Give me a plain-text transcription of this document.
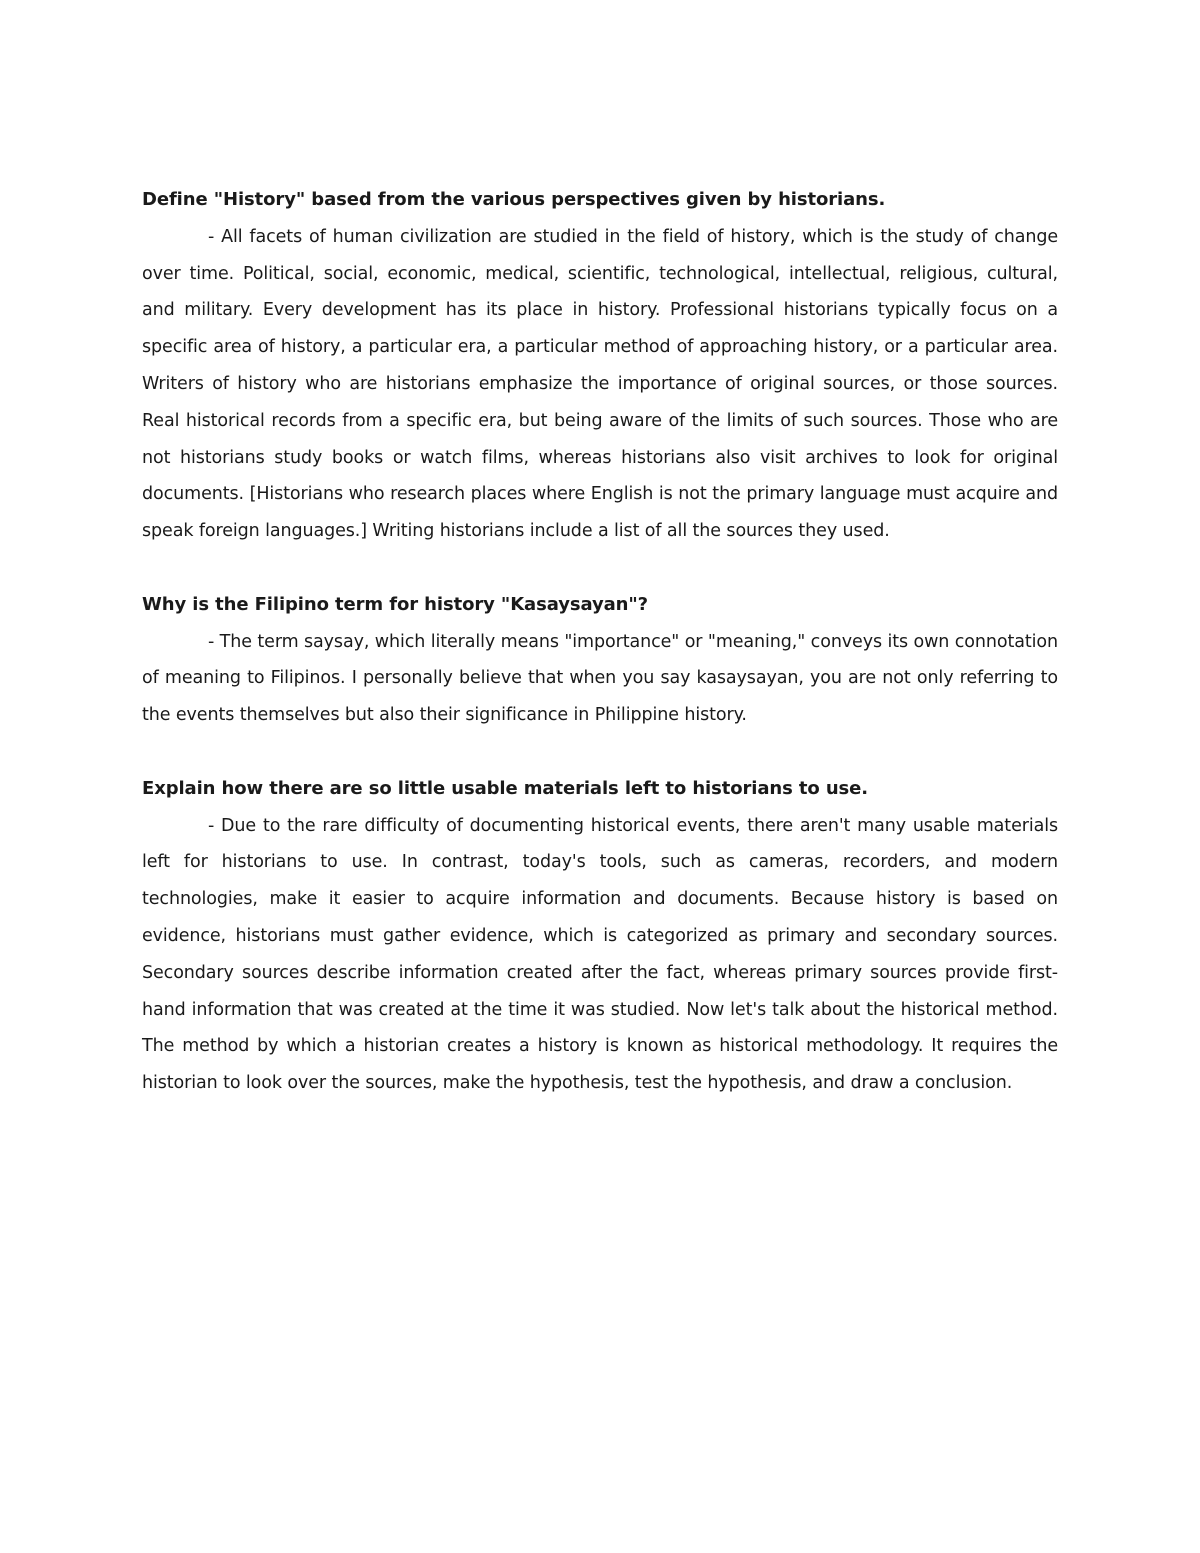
Define "History" based from the various perspectives given by historians.

- All facets of human civilization are studied in the field of history, which is the study of change over time. Political, social, economic, medical, scientific, technological, intellectual, religious, cultural, and military. Every development has its place in history. Professional historians typically focus on a specific area of history, a particular era, a particular method of approaching history, or a particular area. Writers of history who are historians emphasize the importance of original sources, or those sources. Real historical records from a specific era, but being aware of the limits of such sources. Those who are not historians study books or watch films, whereas historians also visit archives to look for original documents. [Historians who research places where English is not the primary language must acquire and speak foreign languages.] Writing historians include a list of all the sources they used.

Why is the Filipino term for history "Kasaysayan"?

- The term saysay, which literally means "importance" or "meaning," conveys its own connotation of meaning to Filipinos. I personally believe that when you say kasaysayan, you are not only referring to the events themselves but also their significance in Philippine history.

Explain how there are so little usable materials left to historians to use.

- Due to the rare difficulty of documenting historical events, there aren't many usable materials left for historians to use. In contrast, today's tools, such as cameras, recorders, and modern technologies, make it easier to acquire information and documents. Because history is based on evidence, historians must gather evidence, which is categorized as primary and secondary sources. Secondary sources describe information created after the fact, whereas primary sources provide first-hand information that was created at the time it was studied. Now let's talk about the historical method. The method by which a historian creates a history is known as historical methodology. It requires the historian to look over the sources, make the hypothesis, test the hypothesis, and draw a conclusion.
